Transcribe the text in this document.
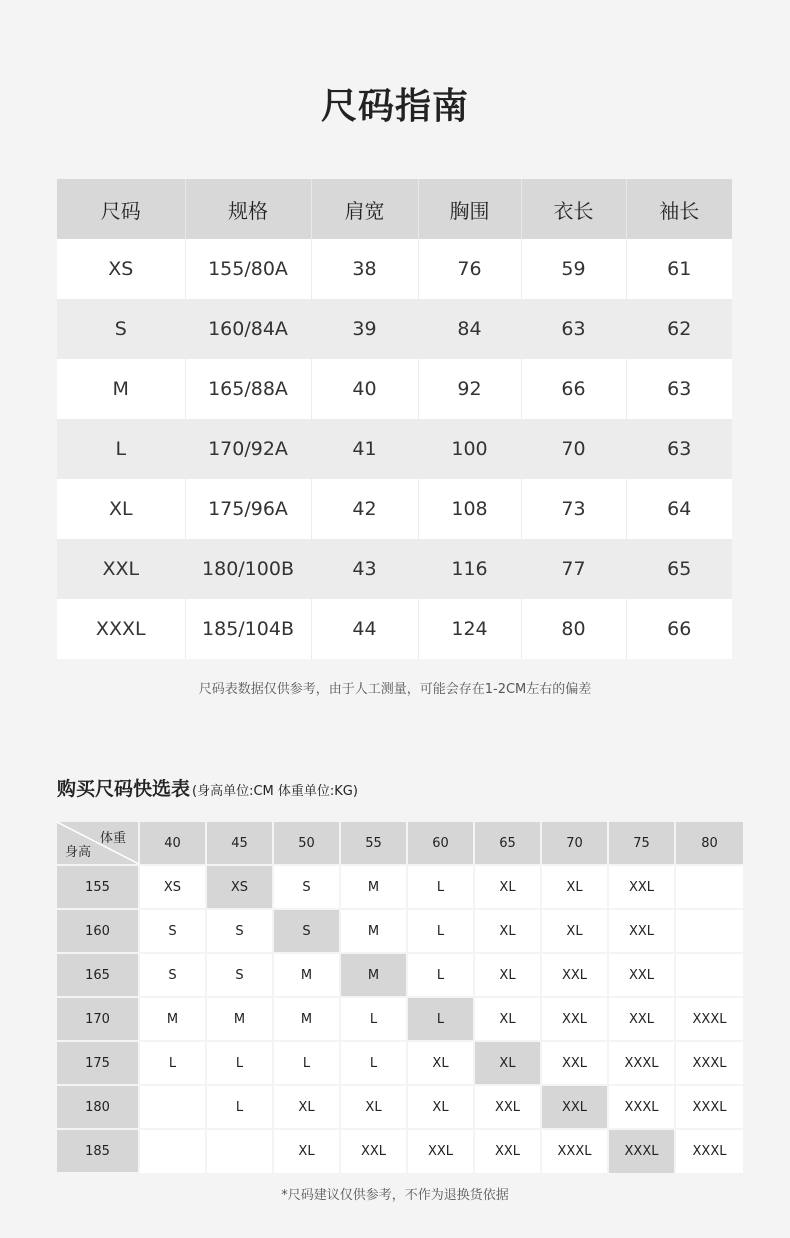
尺码指南
尺码	规格	肩宽	胸围	衣长	袖长
XS	155/80A	38	76	59	61
S	160/84A	39	84	63	62
M	165/88A	40	92	66	63
L	170/92A	41	100	70	63
XL	175/96A	42	108	73	64
XXL	180/100B	43	116	77	65
XXXL	185/104B	44	124	80	66
尺码表数据仅供参考，由于人工测量，可能会存在1-2CM左右的偏差
购买尺码快选表 (身高单位:CM 体重单位:KG)
体重
身高	40	45	50	55	60	65	70	75	80
155	XS	XS	S	M	L	XL	XL	XXL	
160	S	S	S	M	L	XL	XL	XXL	
165	S	S	M	M	L	XL	XXL	XXL	
170	M	M	M	L	L	XL	XXL	XXL	XXXL
175	L	L	L	L	XL	XL	XXL	XXXL	XXXL
180		L	XL	XL	XL	XXL	XXL	XXXL	XXXL
185			XL	XXL	XXL	XXL	XXXL	XXXL	XXXL
*尺码建议仅供参考，不作为退换货依据
